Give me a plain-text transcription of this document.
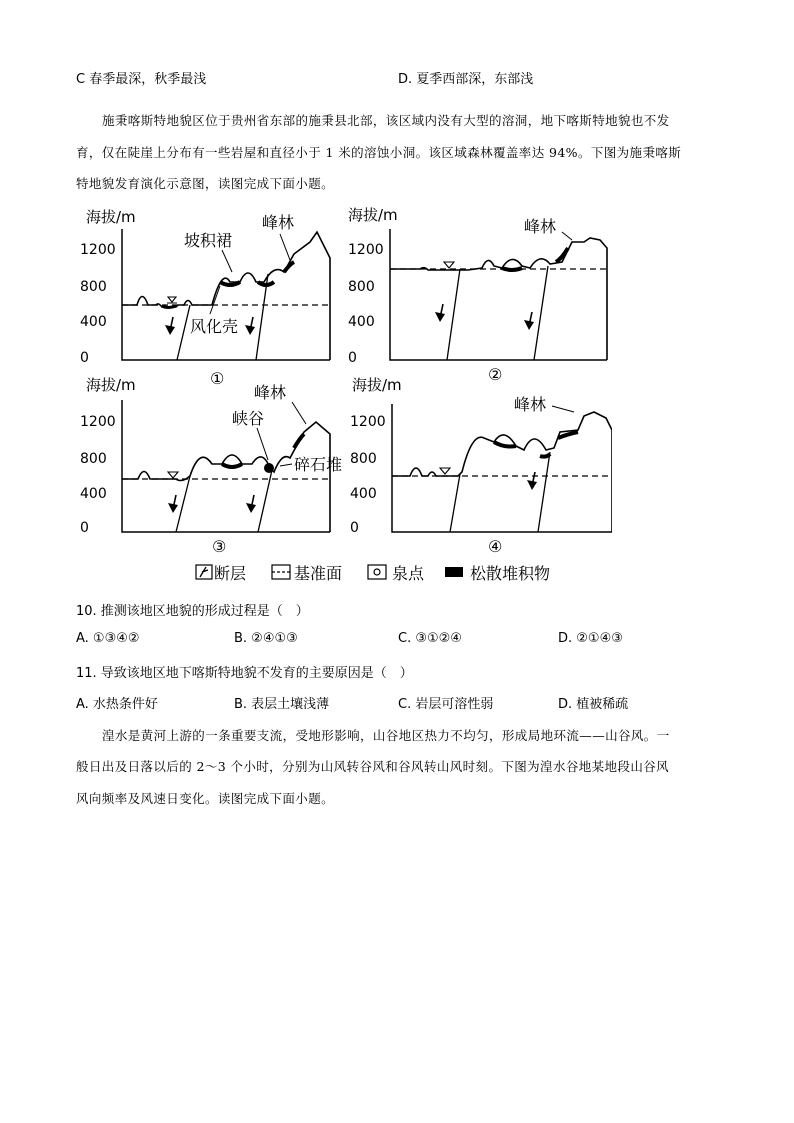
C 春季最深，秋季最浅	D. 夏季西部深，东部浅
施秉喀斯特地貌区位于贵州省东部的施秉县北部，该区域内没有大型的溶洞，地下喀斯特地貌也不发
育，仅在陡崖上分布有一些岩屋和直径小于 1 米的溶蚀小洞。该区域森林覆盖率达 94%。下图为施秉喀斯
特地貌发育演化示意图，读图完成下面小题。
海拔/m
1200
800
400
0
坡积裙
峰林
风化壳
①
海拔/m
1200
800
400
0
峰林
②
海拔/m
1200
800
400
0
峡谷
峰林
碎石堆
③
海拔/m
1200
800
400
0
峰林
④
断层	基准面	泉点	松散堆积物
10. 推测该地区地貌的形成过程是（　）
A. ①③④②	B. ②④①③	C. ③①②④	D. ②①④③
11. 导致该地区地下喀斯特地貌不发育的主要原因是（　）
A. 水热条件好	B. 表层土壤浅薄	C. 岩层可溶性弱	D. 植被稀疏
湟水是黄河上游的一条重要支流，受地形影响，山谷地区热力不均匀，形成局地环流——山谷风。一
般日出及日落以后的 2～3 个小时，分别为山风转谷风和谷风转山风时刻。下图为湟水谷地某地段山谷风
风向频率及风速日变化。读图完成下面小题。
